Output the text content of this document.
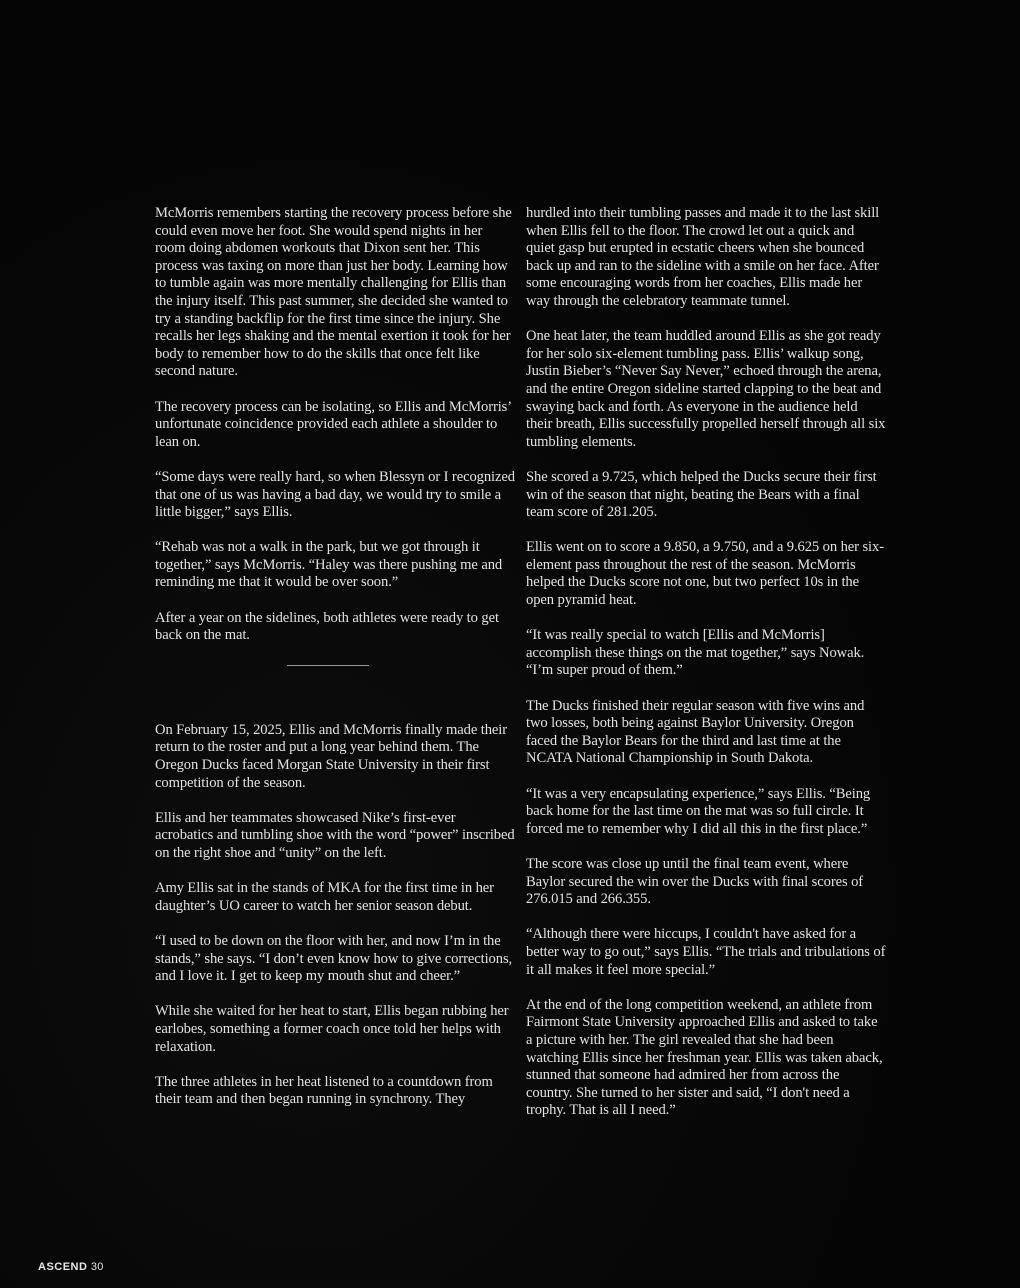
McMorris remembers starting the recovery process before she could even move her foot. She would spend nights in her room doing abdomen workouts that Dixon sent her. This process was taxing on more than just her body. Learning how to tumble again was more mentally challenging for Ellis than the injury itself. This past summer, she decided she wanted to try a standing backflip for the first time since the injury. She recalls her legs shaking and the mental exertion it took for her body to remember how to do the skills that once felt like second nature.

The recovery process can be isolating, so Ellis and McMorris’ unfortunate coincidence provided each athlete a shoulder to lean on.

“Some days were really hard, so when Blessyn or I recognized that one of us was having a bad day, we would try to smile a little bigger,” says Ellis.

“Rehab was not a walk in the park, but we got through it together,” says McMorris. “Haley was there pushing me and reminding me that it would be over soon.”

After a year on the sidelines, both athletes were ready to get back on the mat.

On February 15, 2025, Ellis and McMorris finally made their return to the roster and put a long year behind them. The Oregon Ducks faced Morgan State University in their first competition of the season.

Ellis and her teammates showcased Nike’s first-ever acrobatics and tumbling shoe with the word “power” inscribed on the right shoe and “unity” on the left.

Amy Ellis sat in the stands of MKA for the first time in her daughter’s UO career to watch her senior season debut.

“I used to be down on the floor with her, and now I’m in the stands,” she says. “I don’t even know how to give corrections, and I love it. I get to keep my mouth shut and cheer.”

While she waited for her heat to start, Ellis began rubbing her earlobes, something a former coach once told her helps with relaxation.

The three athletes in her heat listened to a countdown from their team and then began running in synchrony. They

hurdled into their tumbling passes and made it to the last skill when Ellis fell to the floor. The crowd let out a quick and quiet gasp but erupted in ecstatic cheers when she bounced back up and ran to the sideline with a smile on her face. After some encouraging words from her coaches, Ellis made her way through the celebratory teammate tunnel.

One heat later, the team huddled around Ellis as she got ready for her solo six-element tumbling pass. Ellis’ walkup song, Justin Bieber’s “Never Say Never,” echoed through the arena, and the entire Oregon sideline started clapping to the beat and swaying back and forth. As everyone in the audience held their breath, Ellis successfully propelled herself through all six tumbling elements.

She scored a 9.725, which helped the Ducks secure their first win of the season that night, beating the Bears with a final team score of 281.205.

Ellis went on to score a 9.850, a 9.750, and a 9.625 on her six-element pass throughout the rest of the season. McMorris helped the Ducks score not one, but two perfect 10s in the open pyramid heat.

“It was really special to watch [Ellis and McMorris] accomplish these things on the mat together,” says Nowak. “I’m super proud of them.”

The Ducks finished their regular season with five wins and two losses, both being against Baylor University. Oregon faced the Baylor Bears for the third and last time at the NCATA National Championship in South Dakota.

“It was a very encapsulating experience,” says Ellis. “Being back home for the last time on the mat was so full circle. It forced me to remember why I did all this in the first place.”

The score was close up until the final team event, where Baylor secured the win over the Ducks with final scores of 276.015 and 266.355.

“Although there were hiccups, I couldn't have asked for a better way to go out,” says Ellis. “The trials and tribulations of it all makes it feel more special.”

At the end of the long competition weekend, an athlete from Fairmont State University approached Ellis and asked to take a picture with her. The girl revealed that she had been watching Ellis since her freshman year. Ellis was taken aback, stunned that someone had admired her from across the country. She turned to her sister and said, “I don't need a trophy. That is all I need.”

ASCEND 30
